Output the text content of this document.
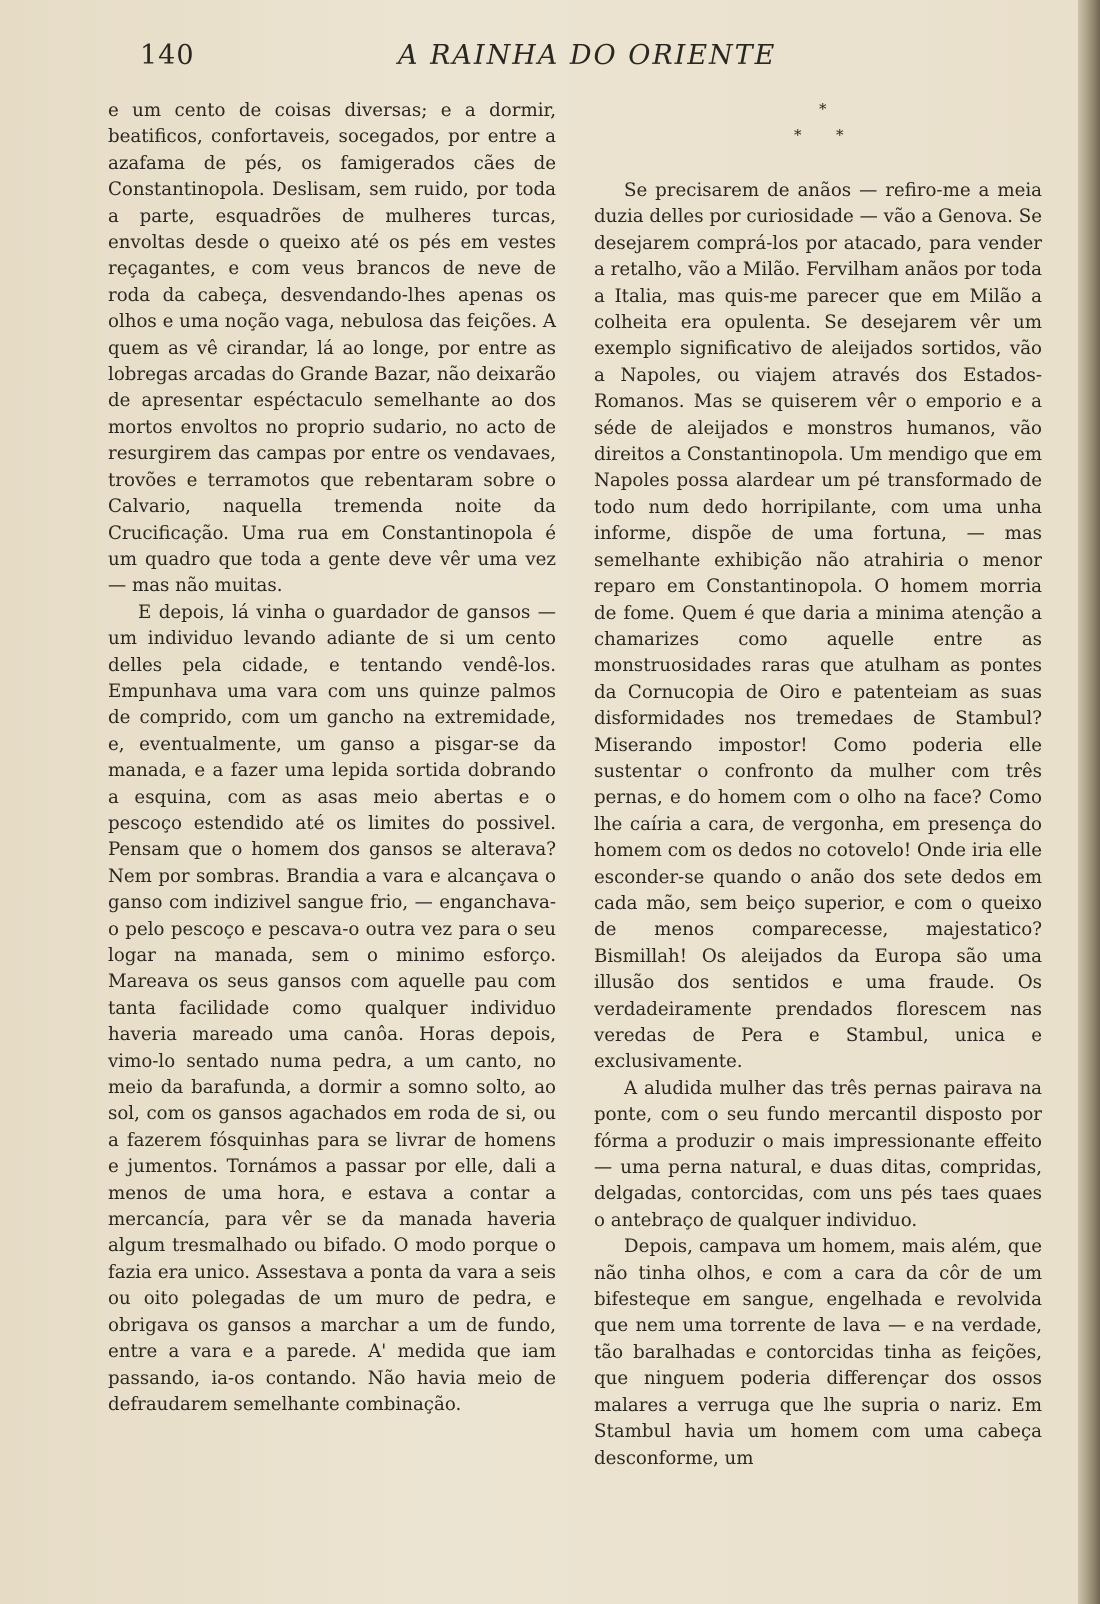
140	A RAINHA DO ORIENTE

e um cento de coisas diversas; e a dormir, beatificos, confortaveis, socegados, por entre a azafama de pés, os famigerados cães de Constantinopola. Deslisam, sem ruido, por toda a parte, esquadrões de mulheres turcas, envoltas desde o queixo até os pés em vestes reçagantes, e com veus brancos de neve de roda da cabeça, desvendando-lhes apenas os olhos e uma noção vaga, nebulosa das feições. A quem as vê cirandar, lá ao longe, por entre as lobregas arcadas do Grande Bazar, não deixarão de apresentar espéctaculo semelhante ao dos mortos envoltos no proprio sudario, no acto de resurgirem das campas por entre os vendavaes, trovões e terramotos que rebentaram sobre o Calvario, naquella tremenda noite da Crucificação. Uma rua em Constantinopola é um quadro que toda a gente deve vêr uma vez — mas não muitas.

E depois, lá vinha o guardador de gansos — um individuo levando adiante de si um cento delles pela cidade, e tentando vendê-los. Empunhava uma vara com uns quinze palmos de comprido, com um gancho na extremidade, e, eventualmente, um ganso a pisgar-se da manada, e a fazer uma lepida sortida dobrando a esquina, com as asas meio abertas e o pescoço estendido até os limites do possivel. Pensam que o homem dos gansos se alterava? Nem por sombras. Brandia a vara e alcançava o ganso com indizivel sangue frio, — enganchava-o pelo pescoço e pescava-o outra vez para o seu logar na manada, sem o minimo esforço. Mareava os seus gansos com aquelle pau com tanta facilidade como qualquer individuo haveria mareado uma canôa. Horas depois, vimo-lo sentado numa pedra, a um canto, no meio da barafunda, a dormir a somno solto, ao sol, com os gansos agachados em roda de si, ou a fazerem fósquinhas para se livrar de homens e jumentos. Tornámos a passar por elle, dali a menos de uma hora, e estava a contar a mercancía, para vêr se da manada haveria algum tresmalhado ou bifado. O modo porque o fazia era unico. Assestava a ponta da vara a seis ou oito polegadas de um muro de pedra, e obrigava os gansos a marchar a um de fundo, entre a vara e a parede. A' medida que iam passando, ia-os contando. Não havia meio de defraudarem semelhante combinação.

*
* *

Se precisarem de anãos — refiro-me a meia duzia delles por curiosidade — vão a Genova. Se desejarem comprá-los por atacado, para vender a retalho, vão a Milão. Fervilham anãos por toda a Italia, mas quis-me parecer que em Milão a colheita era opulenta. Se desejarem vêr um exemplo significativo de aleijados sortidos, vão a Napoles, ou viajem através dos Estados-Romanos. Mas se quiserem vêr o emporio e a séde de aleijados e monstros humanos, vão direitos a Constantinopola. Um mendigo que em Napoles possa alardear um pé transformado de todo num dedo horripilante, com uma unha informe, dispõe de uma fortuna, — mas semelhante exhibição não atrahiria o menor reparo em Constantinopola. O homem morria de fome. Quem é que daria a minima atenção a chamarizes como aquelle entre as monstruosidades raras que atulham as pontes da Cornucopia de Oiro e patenteiam as suas disformidades nos tremedaes de Stambul? Miserando impostor! Como poderia elle sustentar o confronto da mulher com três pernas, e do homem com o olho na face? Como lhe caíria a cara, de vergonha, em presença do homem com os dedos no cotovelo! Onde iria elle esconder-se quando o anão dos sete dedos em cada mão, sem beiço superior, e com o queixo de menos comparecesse, majestatico? Bismillah! Os aleijados da Europa são uma illusão dos sentidos e uma fraude. Os verdadeiramente prendados florescem nas veredas de Pera e Stambul, unica e exclusivamente.

A aludida mulher das três pernas pairava na ponte, com o seu fundo mercantil disposto por fórma a produzir o mais impressionante effeito — uma perna natural, e duas ditas, compridas, delgadas, contorcidas, com uns pés taes quaes o antebraço de qualquer individuo.

Depois, campava um homem, mais além, que não tinha olhos, e com a cara da côr de um bifesteque em sangue, engelhada e revolvida que nem uma torrente de lava — e na verdade, tão baralhadas e contorcidas tinha as feições, que ninguem poderia differençar dos ossos malares a verruga que lhe supria o nariz. Em Stambul havia um homem com uma cabeça desconforme, um
